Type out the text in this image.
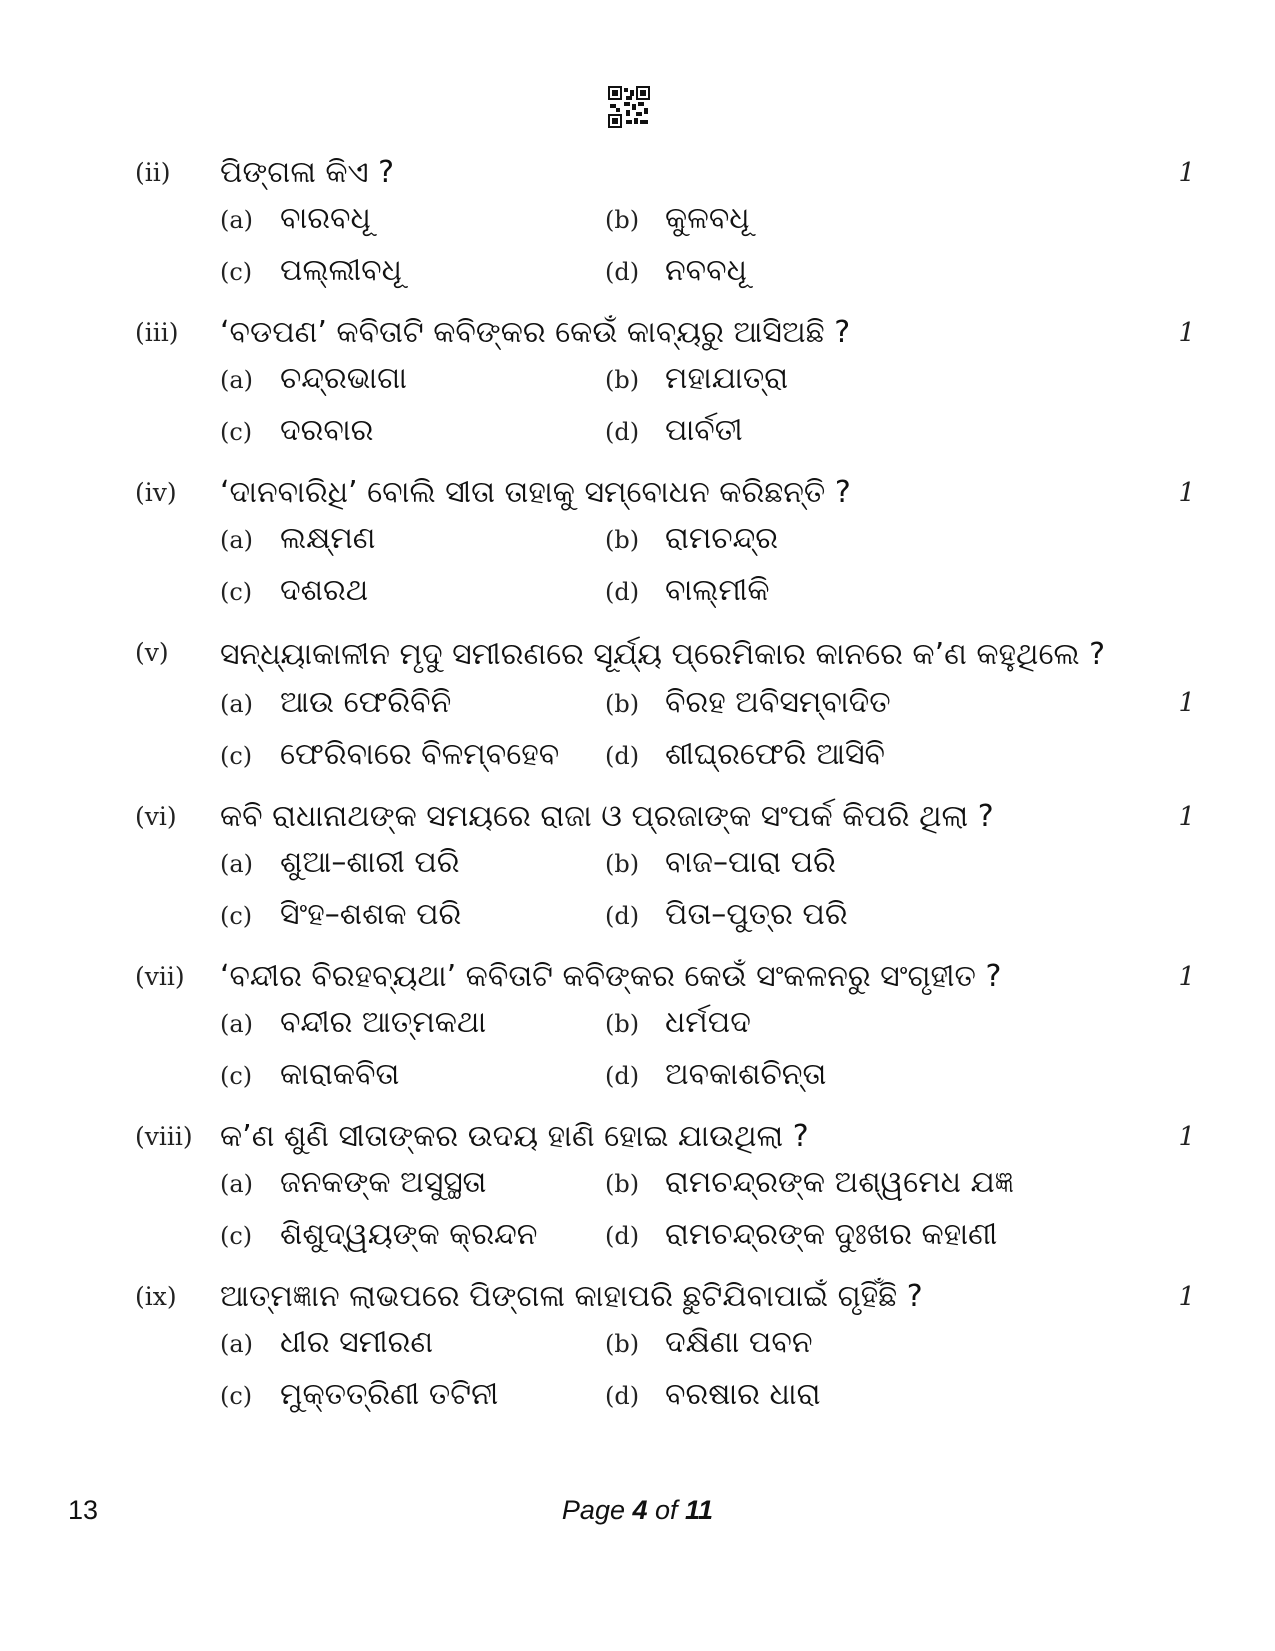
(ii)	ପିଙ୍ଗଳା କିଏ ?	1
(a) ବାରବଧୂ	(b) କୁଳବଧୂ
(c) ପଲ୍ଲୀବଧୂ	(d) ନବବଧୂ
(iii)	‘ବଡପଣ’ କବିତାଟି କବିଙ୍କର କେଉଁ କାବ୍ୟରୁ ଆସିଅଛି ?	1
(a) ଚନ୍ଦ୍ରଭାଗା	(b) ମହାଯାତ୍ରା
(c) ଦରବାର	(d) ପାର୍ବତୀ
(iv)	‘ଦାନବାରିଧି’ ବୋଲି ସୀତା ତାହାକୁ ସମ୍ବୋଧନ କରିଛନ୍ତି ?	1
(a) ଲକ୍ଷ୍ମଣ	(b) ରାମଚନ୍ଦ୍ର
(c) ଦଶରଥ	(d) ବାଲ୍ମୀକି
(v)	ସନ୍ଧ୍ୟାକାଳୀନ ମୃଦୁ ସମୀରଣରେ ସୂର୍ଯ୍ୟ ପ୍ରେମିକାର କାନରେ କ’ଣ କହୁଥିଲେ ?
1
(a) ଆଉ ଫେରିବିନି	(b) ବିରହ ଅବିସମ୍ବାଦିତ
(c) ଫେରିବାରେ ବିଳମ୍ବହେବ (d) ଶୀଘ୍ରଫେରି ଆସିବି
(vi)	କବି ରାଧାନାଥଙ୍କ ସମୟରେ ରାଜା ଓ ପ୍ରଜାଙ୍କ ସଂପର୍କ କିପରି ଥିଲା ?	1
(a) ଶୁଆ–ଶାରୀ ପରି	(b) ବାଜ–ପାରା ପରି
(c) ସିଂହ–ଶଶକ ପରି	(d) ପିତା–ପୁତ୍ର ପରି
(vii)	‘ବନ୍ଦୀର ବିରହବ୍ୟଥା’ କବିତାଟି କବିଙ୍କର କେଉଁ ସଂକଳନରୁ ସଂଗୃହୀତ ?	1
(a) ବନ୍ଦୀର ଆତ୍ମକଥା	(b) ଧର୍ମପଦ
(c) କାରାକବିତା	(d) ଅବକାଶଚିନ୍ତା
(viii) କ’ଣ ଶୁଣି ସୀତାଙ୍କର ଉଦୟ ହାଣି ହୋଇ ଯାଉଥିଲା ?	1
(a) ଜନକଙ୍କ ଅସୁସ୍ଥତା	(b) ରାମଚନ୍ଦ୍ରଙ୍କ ଅଶ୍ୱମେଧ ଯଜ୍ଞ
(c) ଶିଶୁଦ୍ୱୟଙ୍କ କ୍ରନ୍ଦନ	(d) ରାମଚନ୍ଦ୍ରଙ୍କ ଦୁଃଖର କହାଣୀ
(ix)	ଆତ୍ମଜ୍ଞାନ ଲାଭପରେ ପିଙ୍ଗଳା କାହାପରି ଛୁଟିଯିବାପାଇଁ ଗୃହିଁଛି ?	1
(a) ଧୀର ସମୀରଣ	(b) ଦକ୍ଷିଣା ପବନ
(c) ମୁକ୍ତତ୍ରିଣୀ ତଟିନୀ	(d) ବରଷାର ଧାରା
13	Page 4 of 11
